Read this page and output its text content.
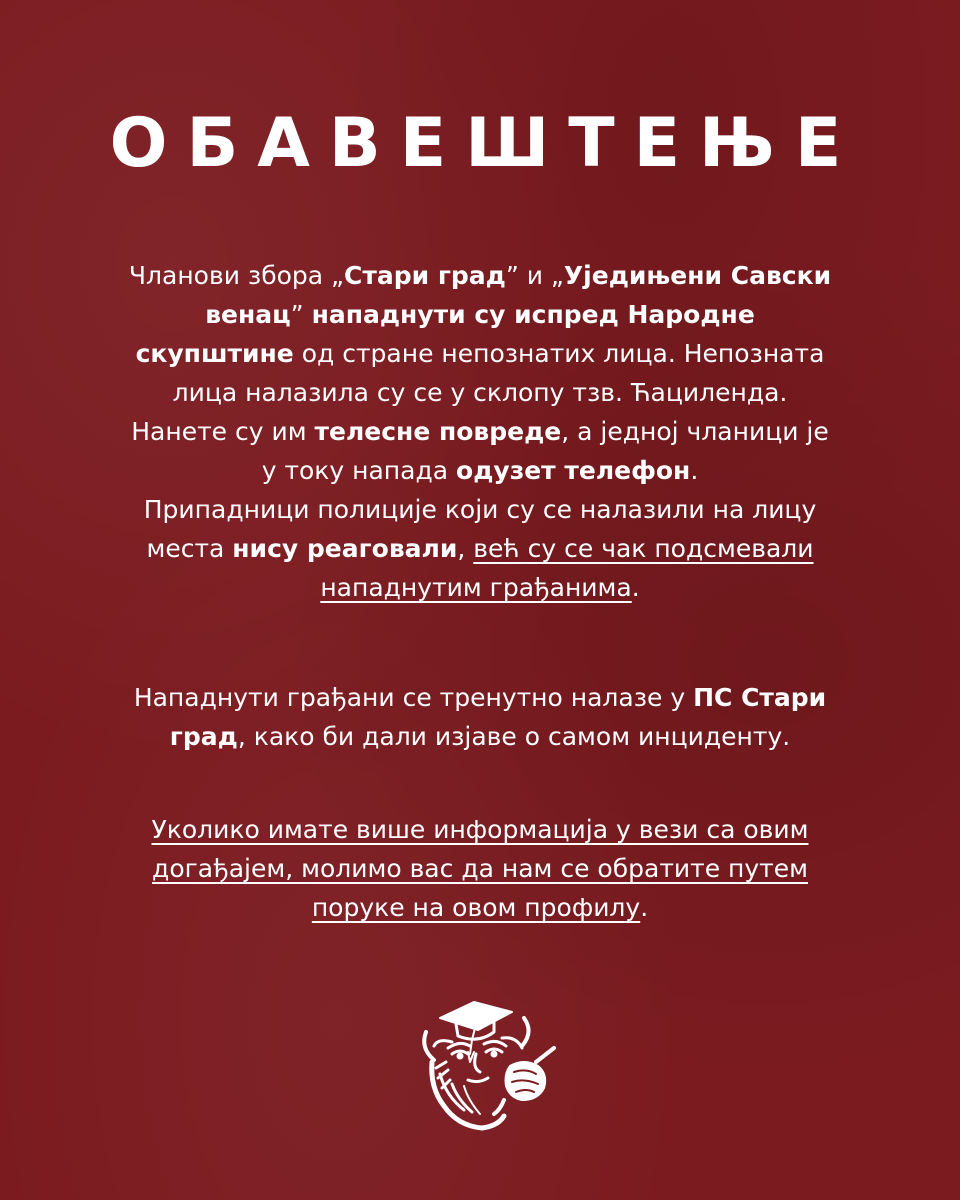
ОБАВЕШТЕЊЕ

Чланови збора „Стари град” и „Уједињени Савски
венац” нападнути су испред Народне
скупштине од стране непознатих лица. Непозната
лица налазила су се у склопу тзв. Ћациленда.
Нанете су им телесне повреде, а једној чланици је
у току напада одузет телефон.
Припадници полиције који су се налазили на лицу
места нису реаговали, већ су се чак подсмевали
нападнутим грађанима.

Нападнути грађани се тренутно налазе у ПС Стари
град, како би дали изјаве о самом инциденту.

Уколико имате више информација у вези са овим
догађајем, молимо вас да нам се обратите путем
поруке на овом профилу.
